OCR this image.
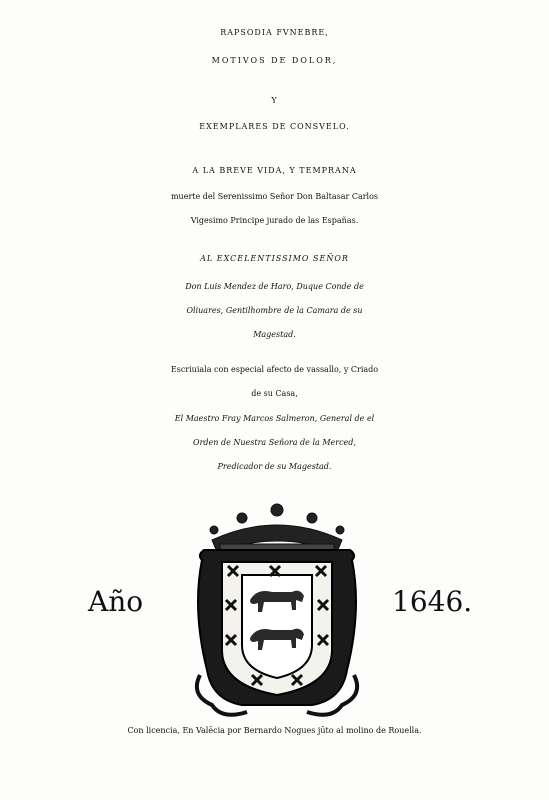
RAPSODIA FVNEBRE,
MOTIVOS DE DOLOR,
Y
EXEMPLARES DE CONSVELO.
A LA BREVE VIDA, Y TEMPRANA
muerte del Serenissimo Señor Don Baltasar Carlos
Vigesimo Principe jurado de las Españas.
AL EXCELENTISSIMO SEÑOR
Don Luis Mendez de Haro, Duque Conde de
Oliuares, Gentilhombre de la Camara de su
Magestad.
Escriuiala con especial afecto de vassallo, y Criado
de su Casa,
El Maestro Fray Marcos Salmeron, General de el
Orden de Nuestra Señora de la Merced,
Predicador de su Magestad.
Año	1646.
Con licencia, En Valēcia por Bernardo Nogues jūto al molino de Rouella.
